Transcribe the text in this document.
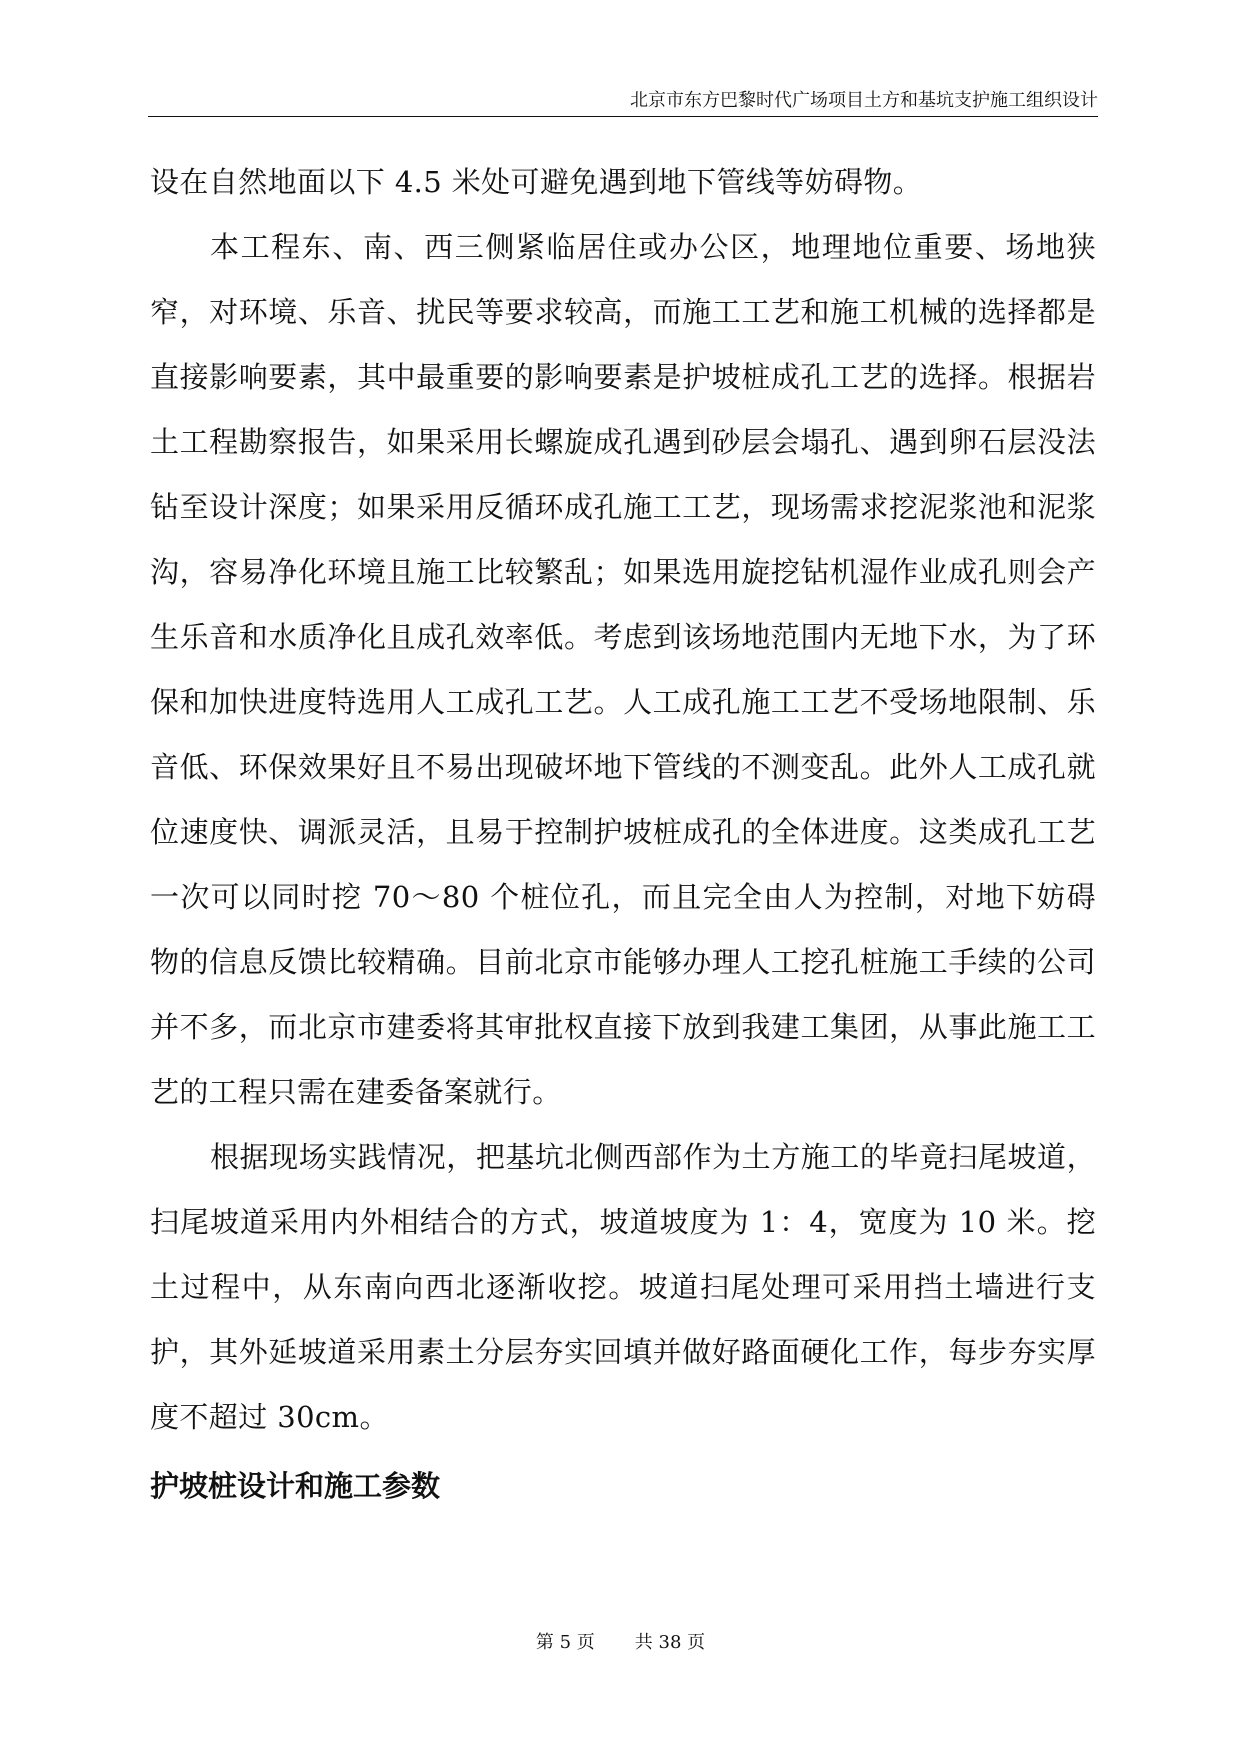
北京市东方巴黎时代广场项目土方和基坑支护施工组织设计

设在自然地面以下 4.5 米处可避免遇到地下管线等妨碍物。

本工程东、南、西三侧紧临居住或办公区，地理地位重要、场地狭窄，对环境、乐音、扰民等要求较高，而施工工艺和施工机械的选择都是直接影响要素，其中最重要的影响要素是护坡桩成孔工艺的选择。根据岩土工程勘察报告，如果采用长螺旋成孔遇到砂层会塌孔、遇到卵石层没法钻至设计深度；如果采用反循环成孔施工工艺，现场需求挖泥浆池和泥浆沟，容易净化环境且施工比较繁乱；如果选用旋挖钻机湿作业成孔则会产生乐音和水质净化且成孔效率低。考虑到该场地范围内无地下水，为了环保和加快进度特选用人工成孔工艺。人工成孔施工工艺不受场地限制、乐音低、环保效果好且不易出现破坏地下管线的不测变乱。此外人工成孔就位速度快、调派灵活，且易于控制护坡桩成孔的全体进度。这类成孔工艺一次可以同时挖 70～80 个桩位孔，而且完全由人为控制，对地下妨碍物的信息反馈比较精确。目前北京市能够办理人工挖孔桩施工手续的公司并不多，而北京市建委将其审批权直接下放到我建工集团，从事此施工工艺的工程只需在建委备案就行。

根据现场实践情况，把基坑北侧西部作为土方施工的毕竟扫尾坡道，扫尾坡道采用内外相结合的方式，坡道坡度为 1：4，宽度为 10 米。挖土过程中，从东南向西北逐渐收挖。坡道扫尾处理可采用挡土墙进行支护，其外延坡道采用素土分层夯实回填并做好路面硬化工作，每步夯实厚度不超过 30cm。

护坡桩设计和施工参数
第 5 页 共 38 页
